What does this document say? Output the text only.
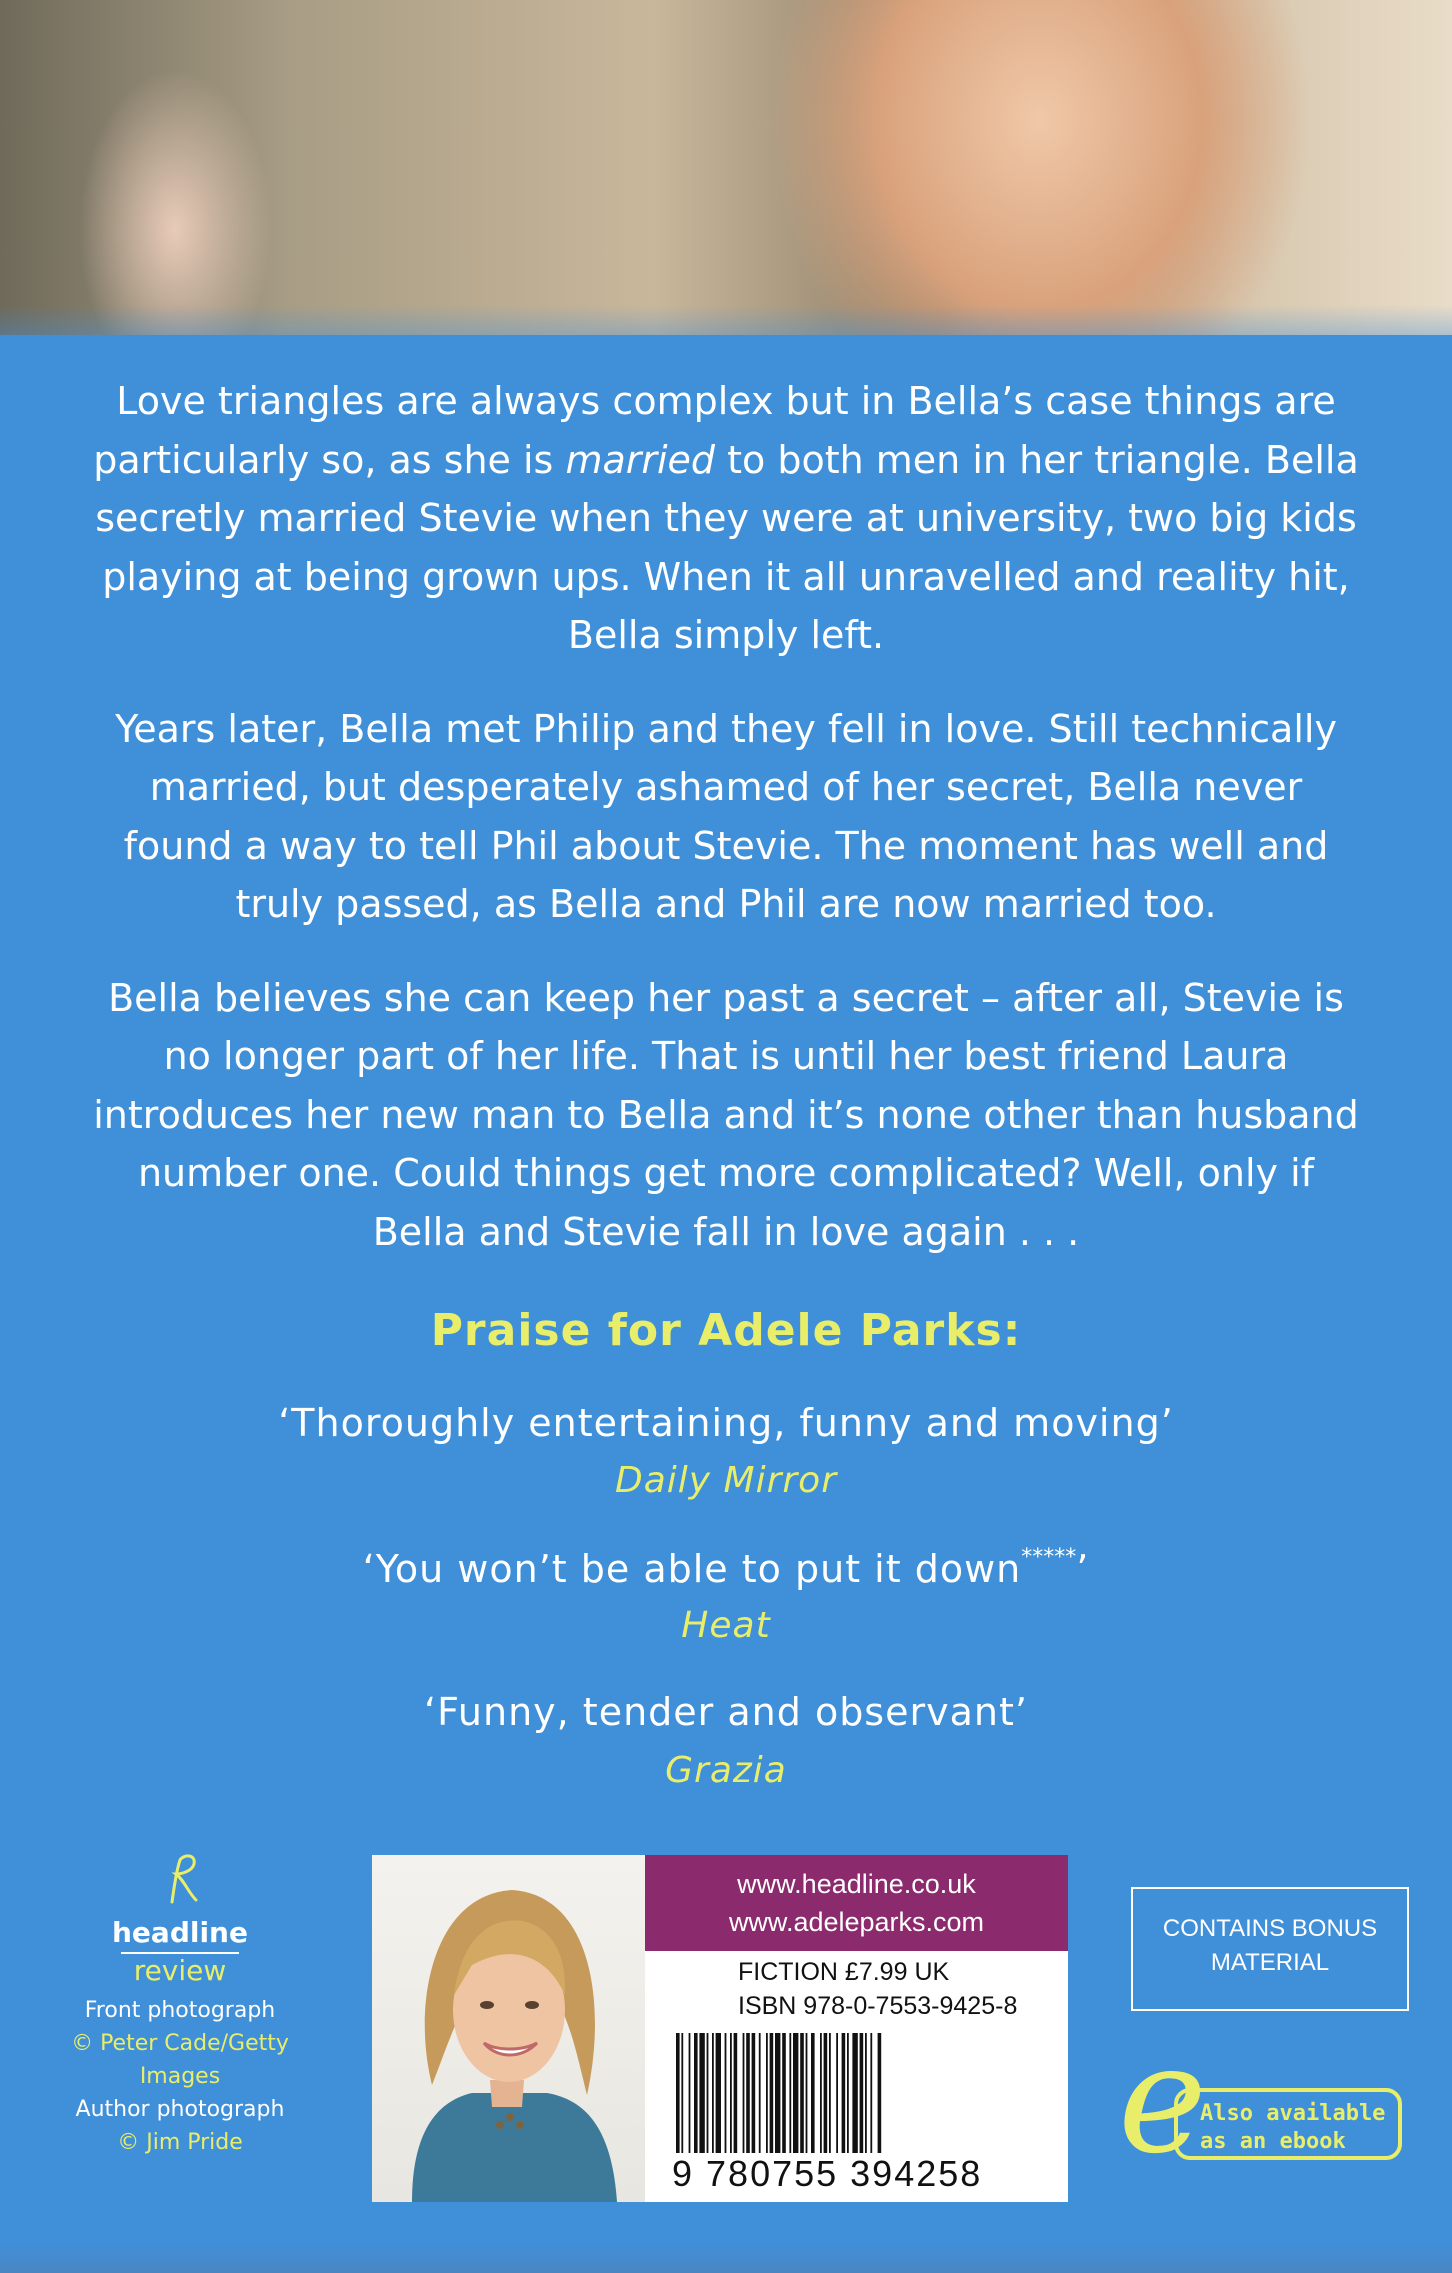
Love triangles are always complex but in Bella’s case things are particularly so, as she is married to both men in her triangle. Bella secretly married Stevie when they were at university, two big kids playing at being grown ups. When it all unravelled and reality hit, Bella simply left.

Years later, Bella met Philip and they fell in love. Still technically married, but desperately ashamed of her secret, Bella never found a way to tell Phil about Stevie. The moment has well and truly passed, as Bella and Phil are now married too.

Bella believes she can keep her past a secret – after all, Stevie is no longer part of her life. That is until her best friend Laura introduces her new man to Bella and it’s none other than husband number one. Could things get more complicated? Well, only if Bella and Stevie fall in love again . . .

Praise for Adele Parks:
‘Thoroughly entertaining, funny and moving’
Daily Mirror
‘You won’t be able to put it down*****’
Heat
‘Funny, tender and observant’
Grazia
headline
review
Front photograph
© Peter Cade/Getty Images
Author photograph
© Jim Pride
www.headline.co.uk
www.adeleparks.com
FICTION £7.99 UK
ISBN 978-0-7553-9425-8
9 780755 394258
CONTAINS BONUS MATERIAL
e
Also available
as an ebook
